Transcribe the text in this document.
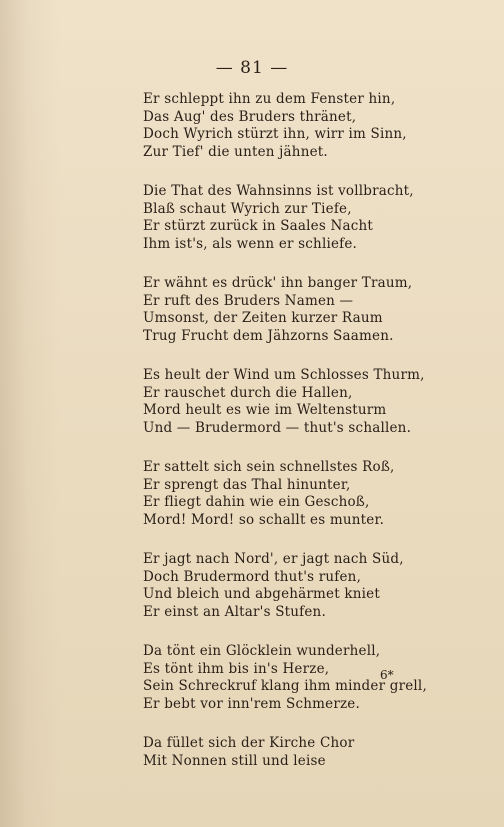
— 81 —
Er schleppt ihn zu dem Fenster hin,
Das Aug' des Bruders thränet,
Doch Wyrich stürzt ihn, wirr im Sinn,
Zur Tief' die unten jähnet.
Die That des Wahnsinns ist vollbracht,
Blaß schaut Wyrich zur Tiefe,
Er stürzt zurück in Saales Nacht
Ihm ist's, als wenn er schliefe.
Er wähnt es drück' ihn banger Traum,
Er ruft des Bruders Namen —
Umsonst, der Zeiten kurzer Raum
Trug Frucht dem Jähzorns Saamen.
Es heult der Wind um Schlosses Thurm,
Er rauschet durch die Hallen,
Mord heult es wie im Weltensturm
Und — Brudermord — thut's schallen.
Er sattelt sich sein schnellstes Roß,
Er sprengt das Thal hinunter,
Er fliegt dahin wie ein Geschoß,
Mord! Mord! so schallt es munter.
Er jagt nach Nord', er jagt nach Süd,
Doch Brudermord thut's rufen,
Und bleich und abgehärmet kniet
Er einst an Altar's Stufen.
Da tönt ein Glöcklein wunderhell,
Es tönt ihm bis in's Herze,
Sein Schreckruf klang ihm minder grell,
Er bebt vor inn'rem Schmerze.
Da füllet sich der Kirche Chor
Mit Nonnen still und leise
6*
